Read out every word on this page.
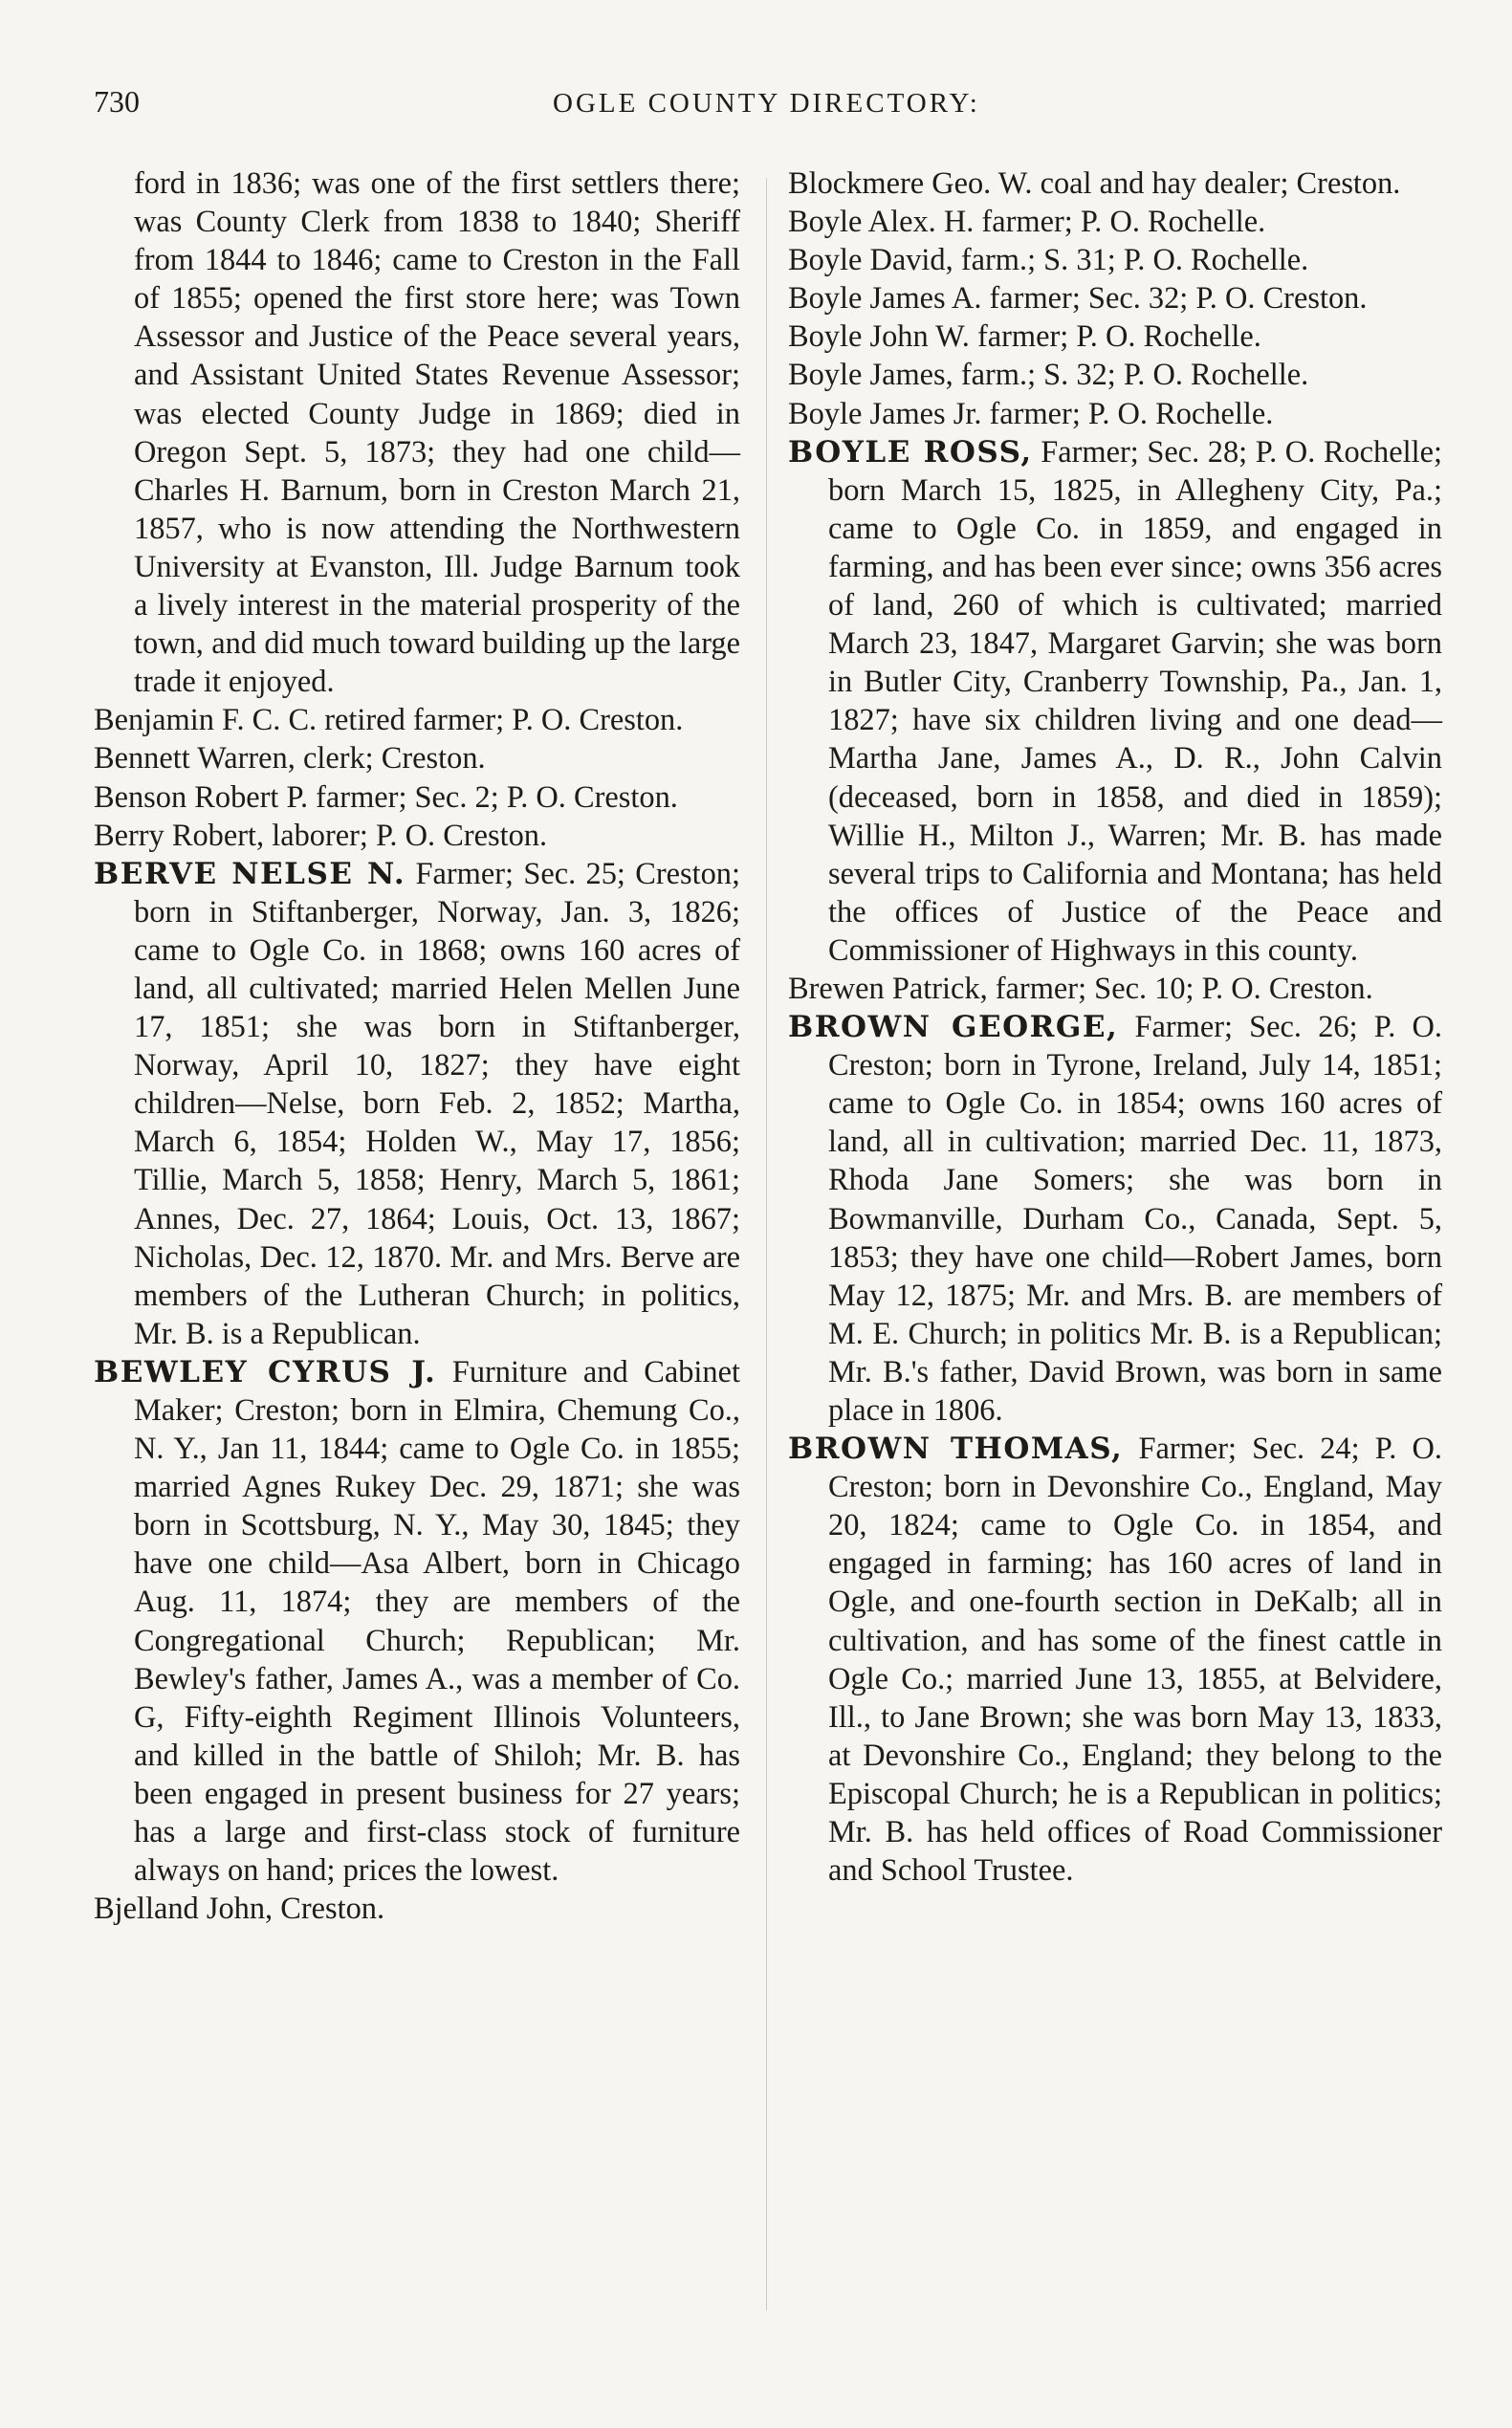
730	OGLE COUNTY DIRECTORY:

ford in 1836; was one of the first settlers there; was County Clerk from 1838 to 1840; Sheriff from 1844 to 1846; came to Creston in the Fall of 1855; opened the first store here; was Town Assessor and Justice of the Peace several years, and Assistant United States Revenue Assessor; was elected County Judge in 1869; died in Oregon Sept. 5, 1873; they had one child—Charles H. Barnum, born in Creston March 21, 1857, who is now attending the Northwestern University at Evanston, Ill. Judge Barnum took a lively interest in the material prosperity of the town, and did much toward building up the large trade it enjoyed.

Benjamin F. C. C. retired farmer; P. O. Creston.

Bennett Warren, clerk; Creston.

Benson Robert P. farmer; Sec. 2; P. O. Creston.

Berry Robert, laborer; P. O. Creston.

BERVE NELSE N. Farmer; Sec. 25; Creston; born in Stiftanberger, Norway, Jan. 3, 1826; came to Ogle Co. in 1868; owns 160 acres of land, all cultivated; married Helen Mellen June 17, 1851; she was born in Stiftanberger, Norway, April 10, 1827; they have eight children—Nelse, born Feb. 2, 1852; Martha, March 6, 1854; Holden W., May 17, 1856; Tillie, March 5, 1858; Henry, March 5, 1861; Annes, Dec. 27, 1864; Louis, Oct. 13, 1867; Nicholas, Dec. 12, 1870. Mr. and Mrs. Berve are members of the Lutheran Church; in politics, Mr. B. is a Republican.

BEWLEY CYRUS J. Furniture and Cabinet Maker; Creston; born in Elmira, Chemung Co., N. Y., Jan 11, 1844; came to Ogle Co. in 1855; married Agnes Rukey Dec. 29, 1871; she was born in Scottsburg, N. Y., May 30, 1845; they have one child—Asa Albert, born in Chicago Aug. 11, 1874; they are members of the Congregational Church; Republican; Mr. Bewley's father, James A., was a member of Co. G, Fifty-eighth Regiment Illinois Volunteers, and killed in the battle of Shiloh; Mr. B. has been engaged in present business for 27 years; has a large and first-class stock of furniture always on hand; prices the lowest.

Bjelland John, Creston.

Blockmere Geo. W. coal and hay dealer; Creston.

Boyle Alex. H. farmer; P. O. Rochelle.

Boyle David, farm.; S. 31; P. O. Rochelle.

Boyle James A. farmer; Sec. 32; P. O. Creston.

Boyle John W. farmer; P. O. Rochelle.

Boyle James, farm.; S. 32; P. O. Rochelle.

Boyle James Jr. farmer; P. O. Rochelle.

BOYLE ROSS, Farmer; Sec. 28; P. O. Rochelle; born March 15, 1825, in Allegheny City, Pa.; came to Ogle Co. in 1859, and engaged in farming, and has been ever since; owns 356 acres of land, 260 of which is cultivated; married March 23, 1847, Margaret Garvin; she was born in Butler City, Cranberry Township, Pa., Jan. 1, 1827; have six children living and one dead—Martha Jane, James A., D. R., John Calvin (deceased, born in 1858, and died in 1859); Willie H., Milton J., Warren; Mr. B. has made several trips to California and Montana; has held the offices of Justice of the Peace and Commissioner of Highways in this county.

Brewen Patrick, farmer; Sec. 10; P. O. Creston.

BROWN GEORGE, Farmer; Sec. 26; P. O. Creston; born in Tyrone, Ireland, July 14, 1851; came to Ogle Co. in 1854; owns 160 acres of land, all in cultivation; married Dec. 11, 1873, Rhoda Jane Somers; she was born in Bowmanville, Durham Co., Canada, Sept. 5, 1853; they have one child—Robert James, born May 12, 1875; Mr. and Mrs. B. are members of M. E. Church; in politics Mr. B. is a Republican; Mr. B.'s father, David Brown, was born in same place in 1806.

BROWN THOMAS, Farmer; Sec. 24; P. O. Creston; born in Devonshire Co., England, May 20, 1824; came to Ogle Co. in 1854, and engaged in farming; has 160 acres of land in Ogle, and one-fourth section in DeKalb; all in cultivation, and has some of the finest cattle in Ogle Co.; married June 13, 1855, at Belvidere, Ill., to Jane Brown; she was born May 13, 1833, at Devonshire Co., England; they belong to the Episcopal Church; he is a Republican in politics; Mr. B. has held offices of Road Commissioner and School Trustee.
